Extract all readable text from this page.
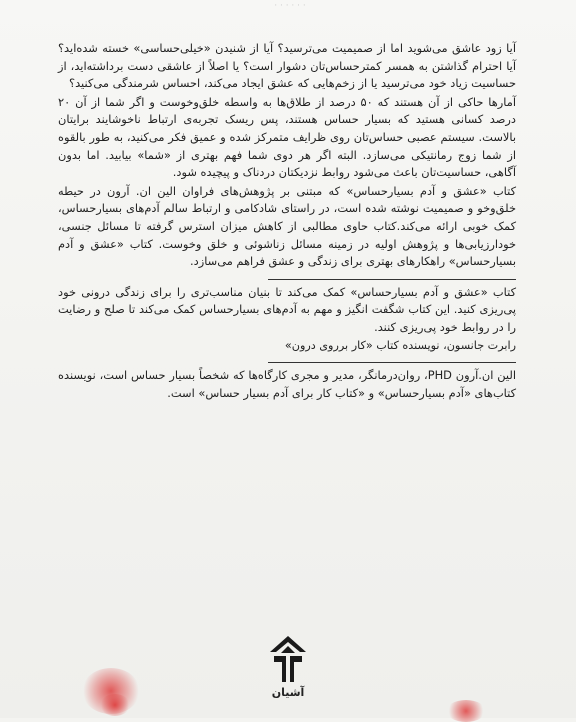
· · · · · ·

آیا زود عاشق می‌شوید اما از صمیمیت می‌ترسید؟ آیا از شنیدن «خیلی‌حساسی» خسته شده‌اید؟ آیا احترام گذاشتن به همسر کمترحساس‌تان دشوار است؟ یا اصلاً از عاشقی دست برداشته‌اید، از حساسیت زیاد خود می‌ترسید یا از زخم‌هایی که عشق ایجاد می‌کند، احساس شرمندگی می‌کنید؟

آمارها حاکی از آن هستند که ۵۰ درصد از طلاق‌ها به واسطه خلق‌وخوست و اگر شما از آن ۲۰ درصد کسانی هستید که بسیار حساس هستند، پس ریسک تجربه‌ی ارتباط ناخوشایند برایتان بالاست. سیستم عصبی حساس‌تان روی ظرایف متمرکز شده و عمیق فکر می‌کنید، به طور بالقوه از شما زوج رمانتیکی می‌سازد. البته اگر هر دوی شما فهم بهتری از «شما» بیابید. اما بدون آگاهی، حساسیت‌تان باعث می‌شود روابط نزدیکتان دردناک و پیچیده شود.

کتاب «عشق و آدم بسیارحساس» که مبتنی بر پژوهش‌های فراوان الین ان. آرون در حیطه خلق‌وخو و صمیمیت نوشته شده است، در راستای شادکامی و ارتباط سالم آدم‌های بسیارحساس، کمک خوبی ارائه می‌کند.کتاب حاوی مطالبی از کاهش میزان استرس گرفته تا مسائل جنسی، خودارزیابی‌ها و پژوهش اولیه در زمینه مسائل زناشوئی و خلق وخوست. کتاب «عشق و آدم بسیارحساس» راهکارهای بهتری برای زندگی و عشق فراهم می‌سازد.

کتاب «عشق و آدم بسیارحساس» کمک می‌کند تا بنیان مناسب‌تری را برای زندگی درونی خود پی‌ریزی کنید. این کتاب شگفت انگیز و مهم به آدم‌های بسیارحساس کمک می‌کند تا صلح و رضایت را در روابط خود پی‌ریزی کنند.

رابرت جانسون، نویسنده کتاب «کار برروی درون»

الین ان.آرون PHD، روان‌درمانگر، مدیر و مجری کارگاه‌ها که شخصاً بسیار حساس است، نویسنده کتاب‌های «آدم بسیارحساس» و «کتاب کار برای آدم بسیار حساس» است.

آشیان
